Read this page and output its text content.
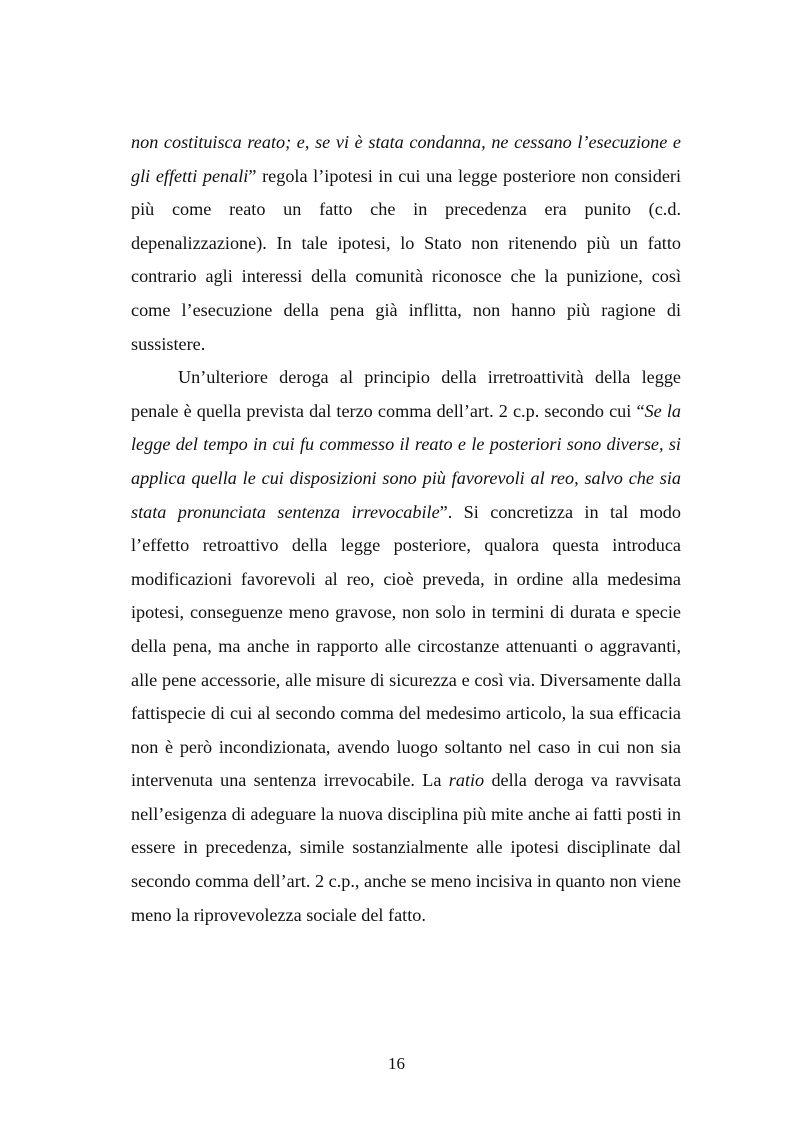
non costituisca reato; e, se vi è stata condanna, ne cessano l’esecuzione e gli effetti penali” regola l’ipotesi in cui una legge posteriore non consideri più come reato un fatto che in precedenza era punito (c.d. depenalizzazione). In tale ipotesi, lo Stato non ritenendo più un fatto contrario agli interessi della comunità riconosce che la punizione, così come l’esecuzione della pena già inflitta, non hanno più ragione di sussistere.

Un’ulteriore deroga al principio della irretroattività della legge penale è quella prevista dal terzo comma dell’art. 2 c.p. secondo cui “Se la legge del tempo in cui fu commesso il reato e le posteriori sono diverse, si applica quella le cui disposizioni sono più favorevoli al reo, salvo che sia stata pronunciata sentenza irrevocabile”. Si concretizza in tal modo l’effetto retroattivo della legge posteriore, qualora questa introduca modificazioni favorevoli al reo, cioè preveda, in ordine alla medesima ipotesi, conseguenze meno gravose, non solo in termini di durata e specie della pena, ma anche in rapporto alle circostanze attenuanti o aggravanti, alle pene accessorie, alle misure di sicurezza e così via. Diversamente dalla fattispecie di cui al secondo comma del medesimo articolo, la sua efficacia non è però incondizionata, avendo luogo soltanto nel caso in cui non sia intervenuta una sentenza irrevocabile. La ratio della deroga va ravvisata nell’esigenza di adeguare la nuova disciplina più mite anche ai fatti posti in essere in precedenza, simile sostanzialmente alle ipotesi disciplinate dal secondo comma dell’art. 2 c.p., anche se meno incisiva in quanto non viene meno la riprovevolezza sociale del fatto.

16
